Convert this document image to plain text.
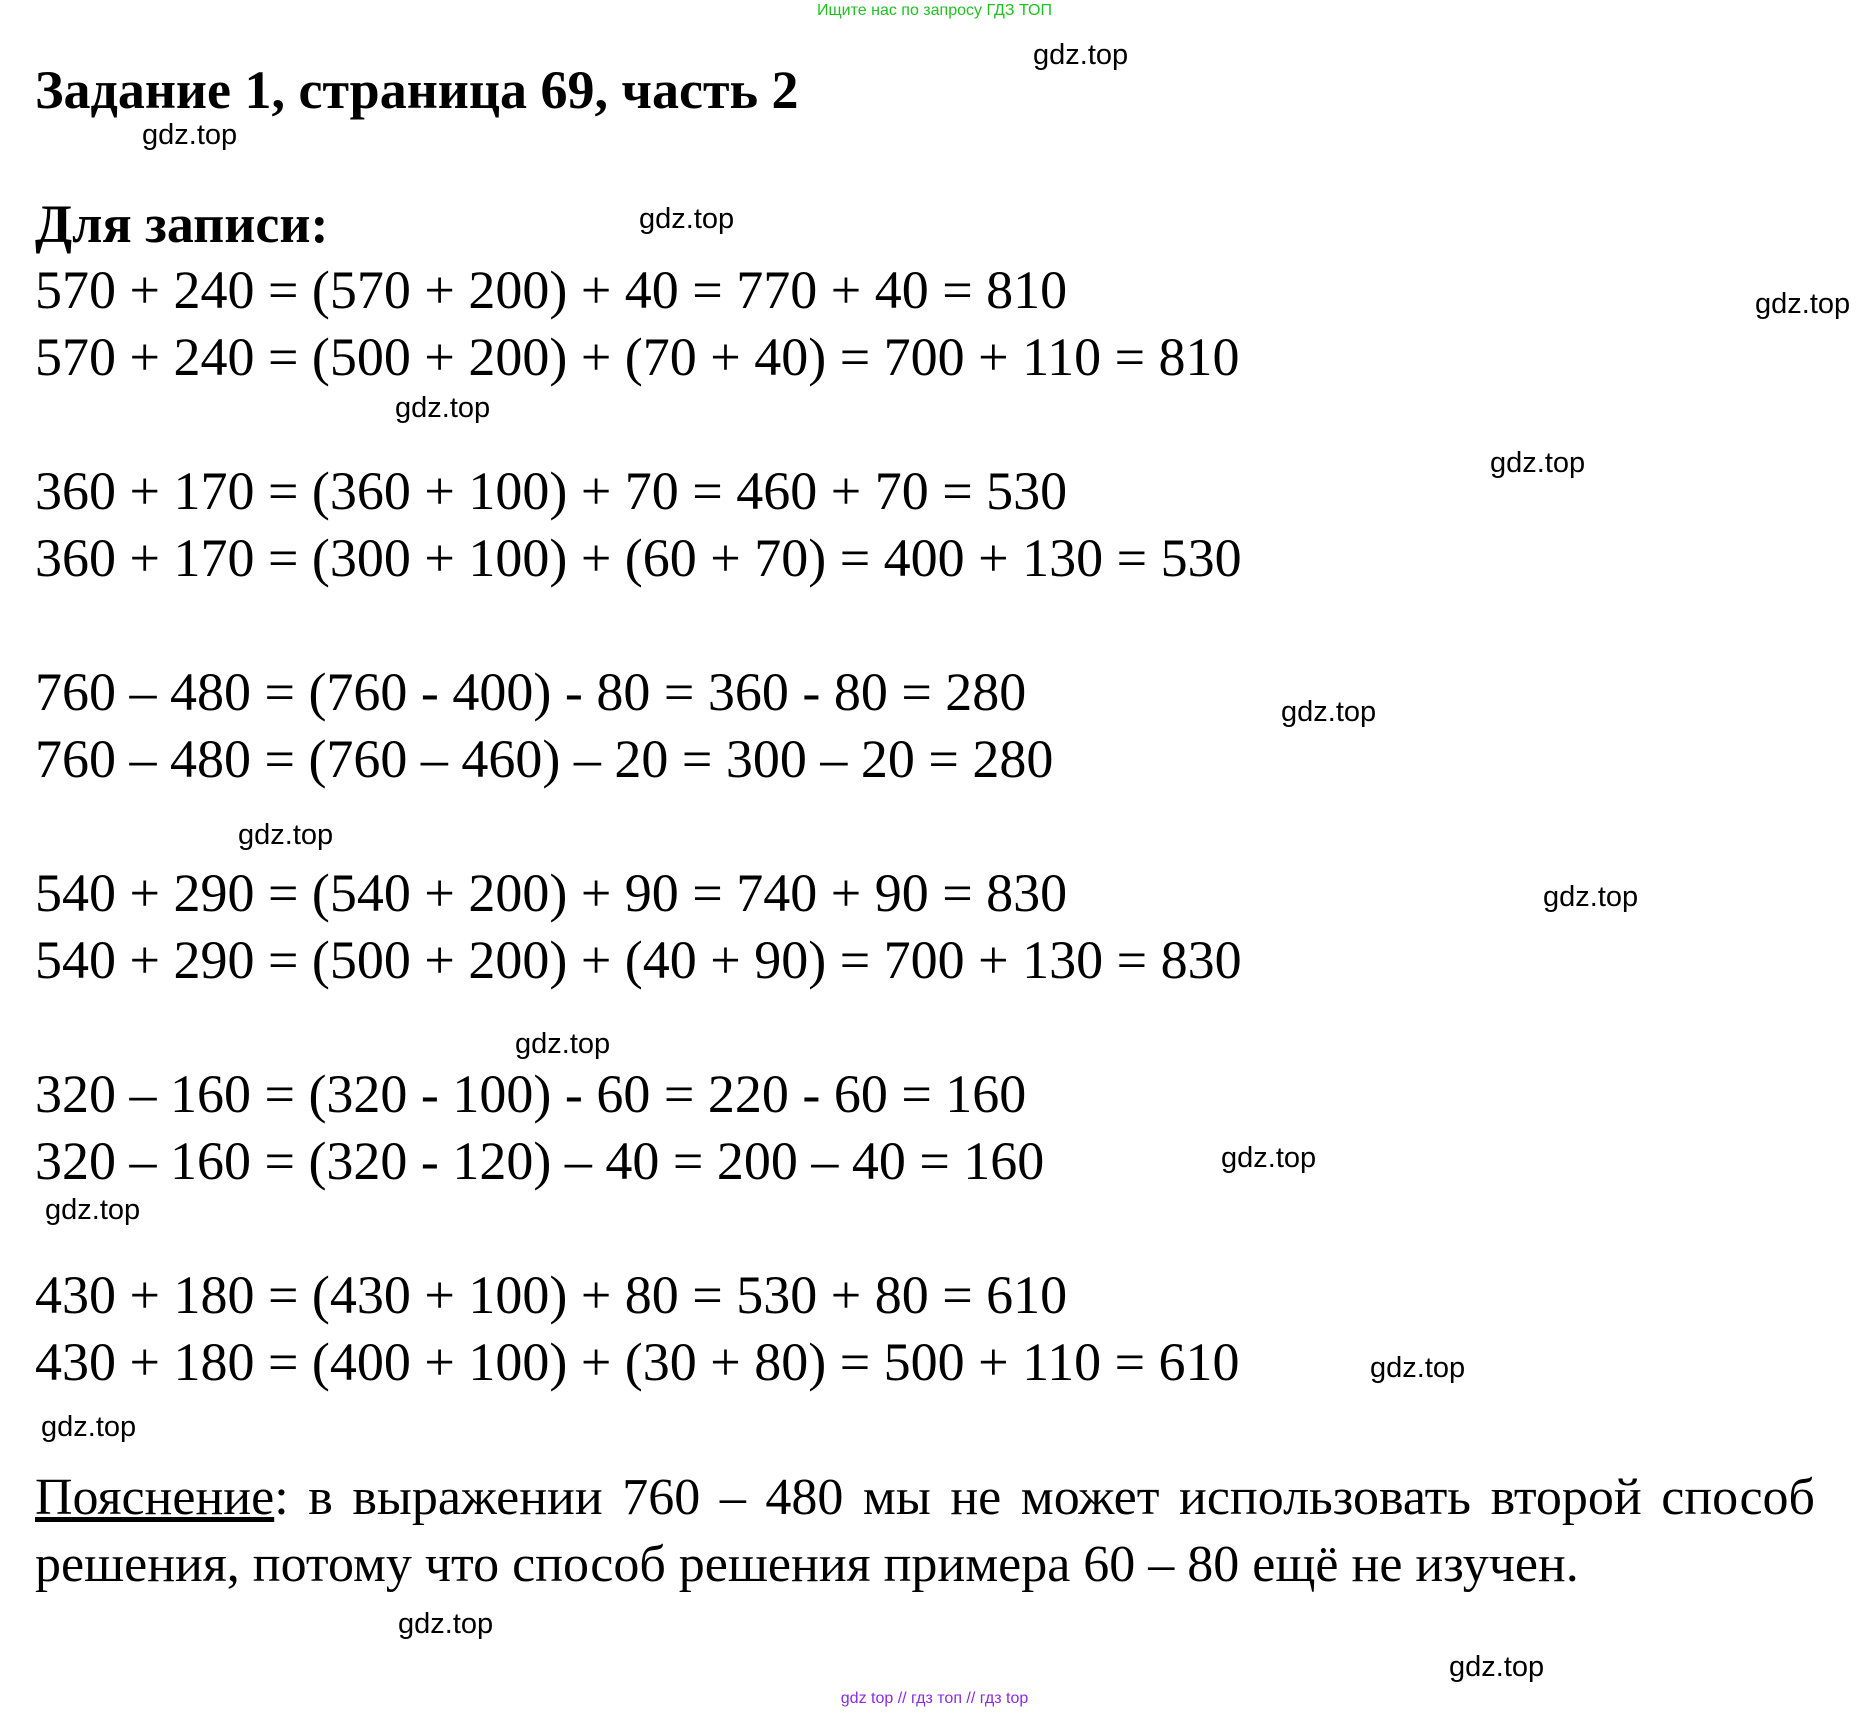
Ищите нас по запросу ГДЗ ТОП
Задание 1, страница 69, часть 2
Для записи:
570 + 240 = (570 + 200) + 40 = 770 + 40 = 810
570 + 240 = (500 + 200) + (70 + 40) = 700 + 110 = 810
360 + 170 = (360 + 100) + 70 = 460 + 70 = 530
360 + 170 = (300 + 100) + (60 + 70) = 400 + 130 = 530
760 – 480 = (760 - 400) - 80 = 360 - 80 = 280
760 – 480 = (760 – 460) – 20 = 300 – 20 = 280
540 + 290 = (540 + 200) + 90 = 740 + 90 = 830
540 + 290 = (500 + 200) + (40 + 90) = 700 + 130 = 830
320 – 160 = (320 - 100) - 60 = 220 - 60 = 160
320 – 160 = (320 - 120) – 40 = 200 – 40 = 160
430 + 180 = (430 + 100) + 80 = 530 + 80 = 610
430 + 180 = (400 + 100) + (30 + 80) = 500 + 110 = 610
Пояснение: в выражении 760 – 480 мы не может использовать второй способ решения, потому что способ решения примера 60 – 80 ещё не изучен.
gdz.top
gdz.top
gdz.top
gdz.top
gdz.top
gdz.top
gdz.top
gdz.top
gdz.top
gdz.top
gdz.top
gdz.top
gdz.top
gdz.top
gdz.top
gdz.top
gdz top // гдз топ // гдз top
